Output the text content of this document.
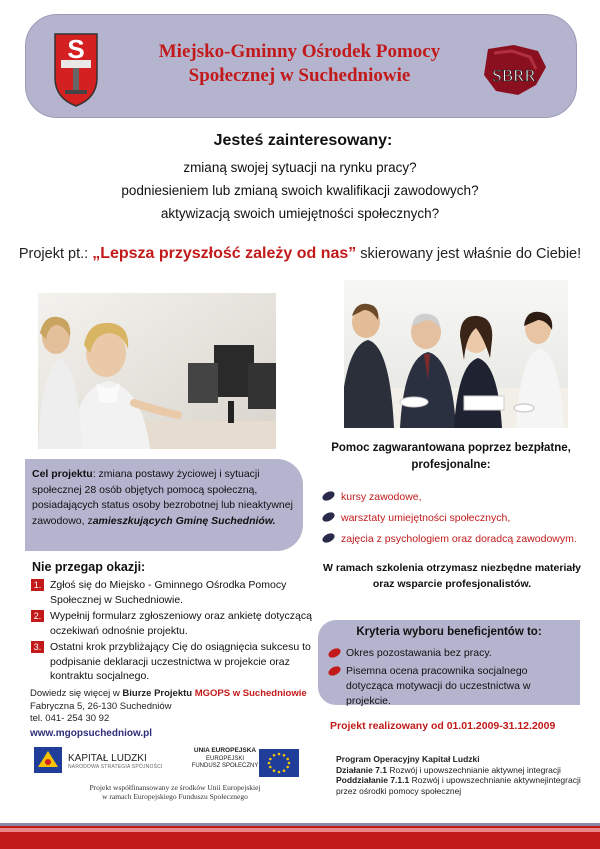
S	Miejsko-Gminny Ośrodek Pomocy
Społecznej w Suchedniowie	SBRR
Jesteś zainteresowany:
zmianą swojej sytuacji na rynku pracy?
podniesieniem lub zmianą swoich kwalifikacji zawodowych?
aktywizacją swoich umiejętności społecznych?
Projekt pt.: „Lepsza przyszłość zależy od nas” skierowany jest właśnie do Ciebie!
Cel projektu: zmiana postawy życiowej i sytuacji społecznej 28 osób objętych pomocą społeczną, posiadających status osoby bezrobotnej lub nieaktywnej zawodowo, zamieszkujących Gminę Suchedniów.
Pomoc zagwarantowana poprzez bezpłatne, profesjonalne:
kursy zawodowe,
warsztaty umiejętności społecznych,
zajęcia z psychologiem oraz doradcą zawodowym.
W ramach szkolenia otrzymasz niezbędne materiały oraz wsparcie profesjonalistów.
Nie przegap okazji:
1. Zgłoś się do Miejsko - Gminnego Ośrodka Pomocy Społecznej w Suchedniowie.
2. Wypełnij formularz zgłoszeniowy oraz ankietę dotyczącą oczekiwań odnośnie projektu.
3. Ostatni krok przybliżający Cię do osiągnięcia sukcesu to podpisanie deklaracji uczestnictwa w projekcie oraz kontraktu socjalnego.
Kryteria wyboru beneficjentów to:
Okres pozostawania bez pracy.
Pisemna ocena pracownika socjalnego dotycząca motywacji do uczestnictwa w projekcie.
Dowiedz się więcej w Biurze Projektu MGOPS w Suchedniowie
Fabryczna 5, 26-130 Suchedniów
tel. 041- 254 30 92
www.mgopsuchedniow.pl
Projekt realizowany od 01.01.2009-31.12.2009
KAPITAŁ LUDZKI
NARODOWA STRATEGIA SPÓJNOŚCI
UNIA EUROPEJSKA
EUROPEJSKI
FUNDUSZ SPOŁECZNY
Projekt współfinansowany ze środków Unii Europejskiej
w ramach Europejskiego Funduszu Społecznego
Program Operacyjny Kapitał Ludzki
Działanie 7.1 Rozwój i upowszechnianie aktywnej integracji
Poddziałanie 7.1.1 Rozwój i upowszechnianie aktywnejintegracji przez ośrodki pomocy społecznej
